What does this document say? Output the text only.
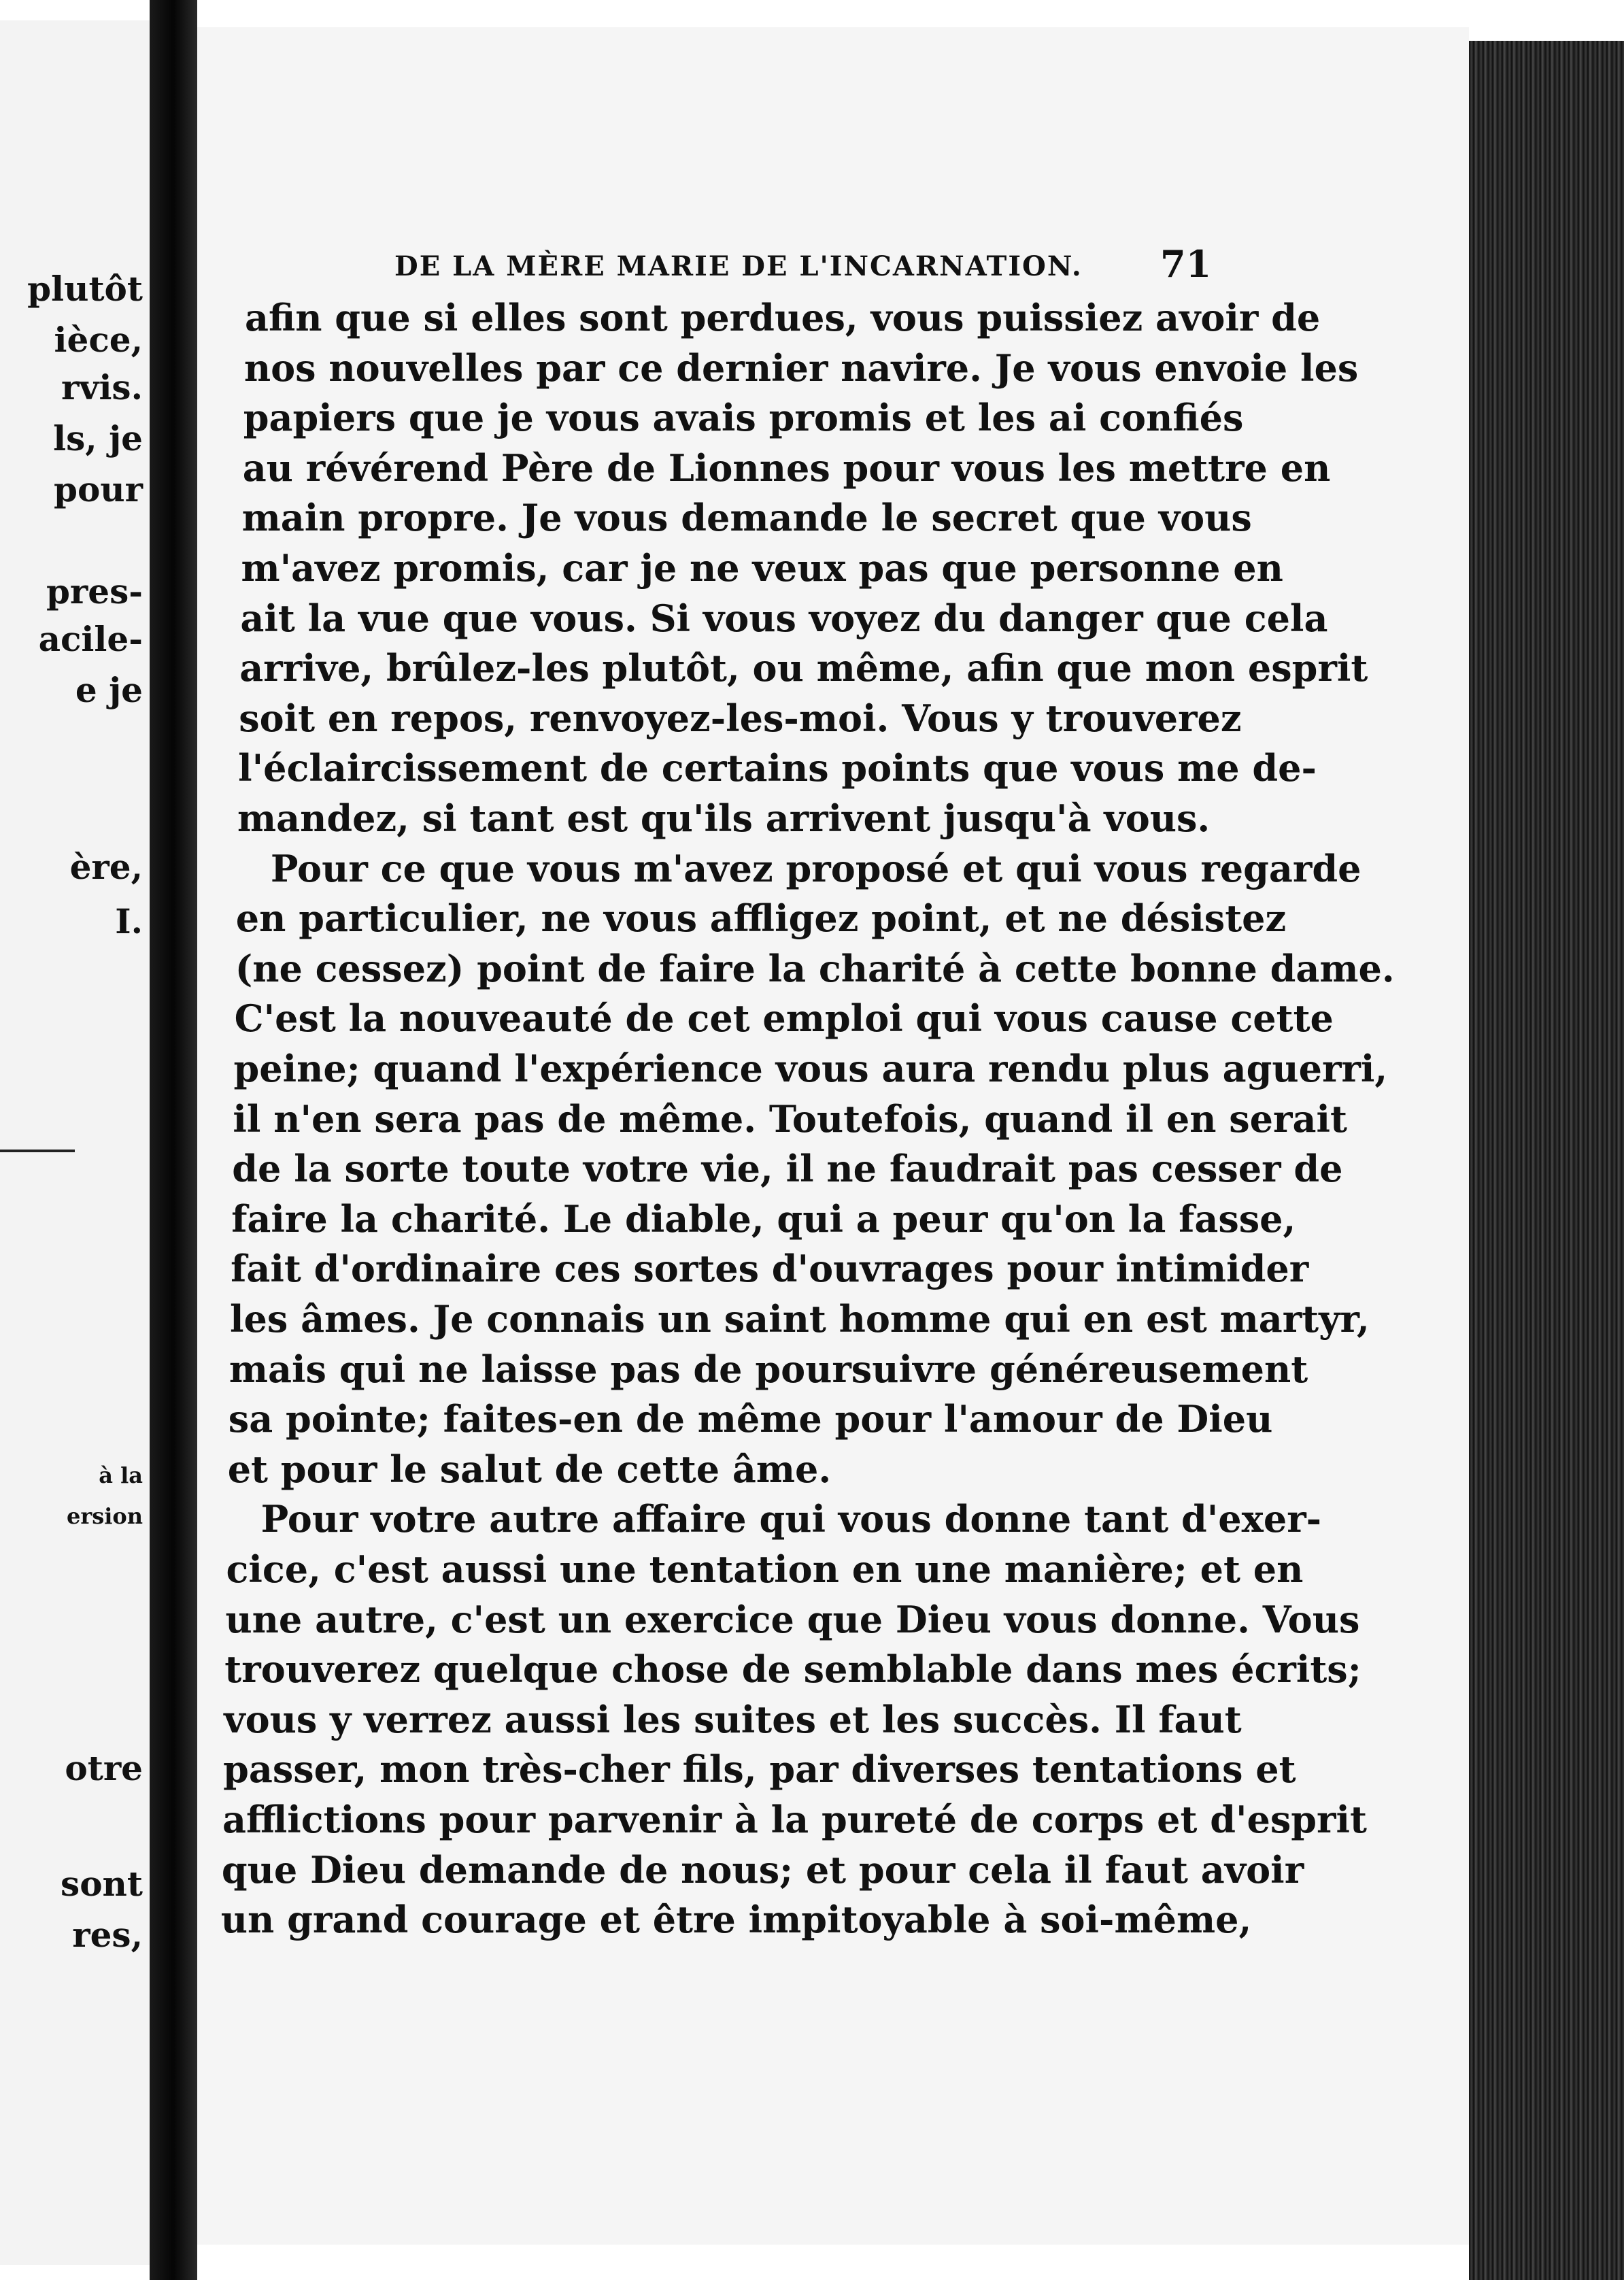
plutôt
ièce,
rvis.
ls, je
pour
pres-
acile-
e je
ère,
I.
à la
ersion
otre
sont
res,
DE LA MÈRE MARIE DE L'INCARNATION. 71
afin que si elles sont perdues, vous puissiez avoir de
nos nouvelles par ce dernier navire. Je vous envoie les
papiers que je vous avais promis et les ai confiés
au révérend Père de Lionnes pour vous les mettre en
main propre. Je vous demande le secret que vous
m'avez promis, car je ne veux pas que personne en
ait la vue que vous. Si vous voyez du danger que cela
arrive, brûlez-les plutôt, ou même, afin que mon esprit
soit en repos, renvoyez-les-moi. Vous y trouverez
l'éclaircissement de certains points que vous me de-
mandez, si tant est qu'ils arrivent jusqu'à vous.
Pour ce que vous m'avez proposé et qui vous regarde
en particulier, ne vous affligez point, et ne désistez
(ne cessez) point de faire la charité à cette bonne dame.
C'est la nouveauté de cet emploi qui vous cause cette
peine; quand l'expérience vous aura rendu plus aguerri,
il n'en sera pas de même. Toutefois, quand il en serait
de la sorte toute votre vie, il ne faudrait pas cesser de
faire la charité. Le diable, qui a peur qu'on la fasse,
fait d'ordinaire ces sortes d'ouvrages pour intimider
les âmes. Je connais un saint homme qui en est martyr,
mais qui ne laisse pas de poursuivre généreusement
sa pointe; faites-en de même pour l'amour de Dieu
et pour le salut de cette âme.
Pour votre autre affaire qui vous donne tant d'exer-
cice, c'est aussi une tentation en une manière; et en
une autre, c'est un exercice que Dieu vous donne. Vous
trouverez quelque chose de semblable dans mes écrits;
vous y verrez aussi les suites et les succès. Il faut
passer, mon très-cher fils, par diverses tentations et
afflictions pour parvenir à la pureté de corps et d'esprit
que Dieu demande de nous; et pour cela il faut avoir
un grand courage et être impitoyable à soi-même,
